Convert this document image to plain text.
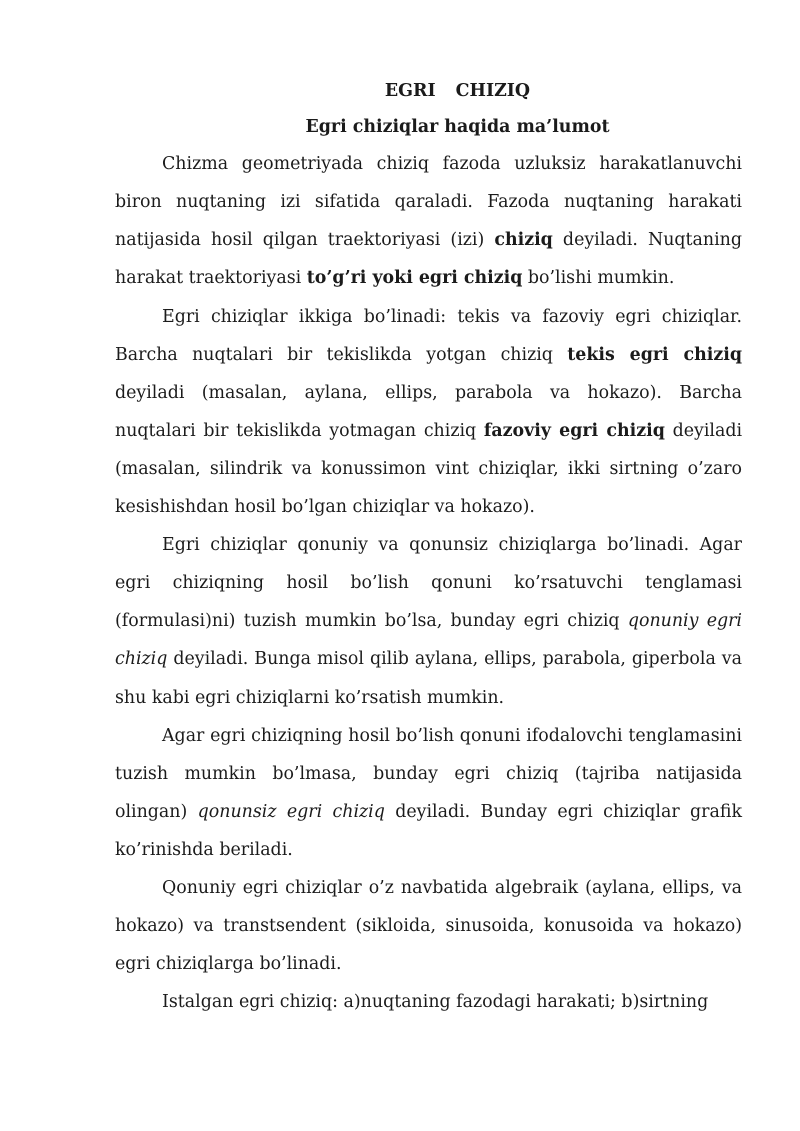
EGRI CHIZIQ
Egri chiziqlar haqida ma’lumot

Chizma geometriyada chiziq fazoda uzluksiz harakatlanuvchi biron nuqtaning izi sifatida qaraladi. Fazoda nuqtaning harakati natijasida hosil qilgan traektoriyasi (izi) chiziq deyiladi. Nuqtaning harakat traektoriyasi to’g’ri yoki egri chiziq bo’lishi mumkin.

Egri chiziqlar ikkiga bo’linadi: tekis va fazoviy egri chiziqlar. Barcha nuqtalari bir tekislikda yotgan chiziq tekis egri chiziq deyiladi (masalan, aylana, ellips, parabola va hokazo). Barcha nuqtalari bir tekislikda yotmagan chiziq fazoviy egri chiziq deyiladi (masalan, silindrik va konussimon vint chiziqlar, ikki sirtning o’zaro kesishishdan hosil bo’lgan chiziqlar va hokazo).

Egri chiziqlar qonuniy va qonunsiz chiziqlarga bo’linadi. Agar egri chiziqning hosil bo’lish qonuni ko’rsatuvchi tenglamasi (formulasi)ni) tuzish mumkin bo’lsa, bunday egri chiziq qonuniy egri chiziq deyiladi. Bunga misol qilib aylana, ellips, parabola, giperbola va shu kabi egri chiziqlarni ko’rsatish mumkin.

Agar egri chiziqning hosil bo’lish qonuni ifodalovchi tenglamasini tuzish mumkin bo’lmasa, bunday egri chiziq (tajriba natijasida olingan) qonunsiz egri chiziq deyiladi. Bunday egri chiziqlar grafik ko’rinishda beriladi.

Qonuniy egri chiziqlar o’z navbatida algebraik (aylana, ellips, va hokazo) va transtsendent (sikloida, sinusoida, konusoida va hokazo) egri chiziqlarga bo’linadi.

Istalgan egri chiziq: a)nuqtaning fazodagi harakati; b)sirtning
